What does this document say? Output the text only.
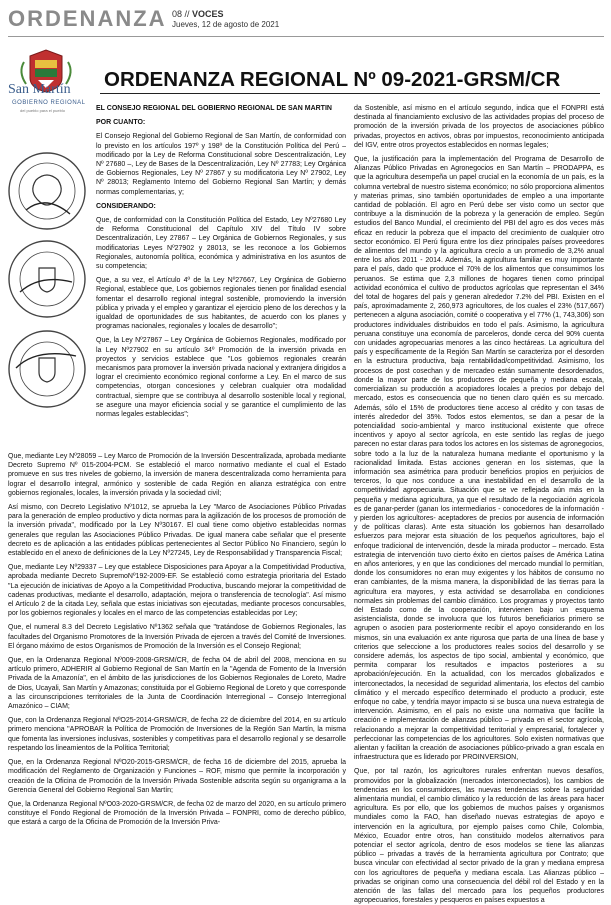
ORDENANZA 08 // VOCES
Jueves, 12 de agosto de 2021
San Martín
GOBIERNO REGIONAL
del pueblo para el pueblo
ORDENANZA REGIONAL Nº 09-2021-GRSM/CR

EL CONSEJO REGIONAL DEL GOBIERNO REGIONAL DE SAN MARTIN

POR CUANTO:

El Consejo Regional del Gobierno Regional de San Martín, de conformidad con lo previsto en los artículos 197º y 198º de la Constitución Política del Perú – modificado por la Ley de Reforma Constitucional sobre Descentralización, Ley Nº 27680 –, Ley de Bases de la Descentralización, Ley Nº 27783; Ley Orgánica de Gobiernos Regionales, Ley Nº 27867 y su modificatoria Ley Nº 27902, Ley Nº 28013; Reglamento Interno del Gobierno Regional San Martín; y demás normas complementarias, y;

CONSIDERANDO:

Que, de conformidad con la Constitución Política del Estado, Ley Nº27680 Ley de Reforma Constitucional del Capítulo XIV del Título IV sobre Descentralización, Ley 27867 – Ley Orgánica de Gobiernos Regionales, y sus modificatorias Leyes Nº27902 y 28013, se les reconoce a los Gobiernos Regionales, autonomía política, económica y administrativa en los asuntos de su competencia;

Que, a su vez, el Artículo 4º de la Ley Nº27667, Ley Orgánica de Gobierno Regional, establece que, Los gobiernos regionales tienen por finalidad esencial fomentar el desarrollo regional integral sostenible, promoviendo la inversión pública y privada y el empleo y garantizar el ejercicio pleno de los derechos y la igualdad de oportunidades de sus habitantes, de acuerdo con los planes y programas nacionales, regionales y locales de desarrollo";

Que, la Ley Nº27867 – Ley Orgánica de Gobiernos Regionales, modificado por la Ley Nº27902 en su artículo 34º Promoción de la inversión privada en proyectos y servicios establece que "Los gobiernos regionales crearán mecanismos para promover la inversión privada nacional y extranjera dirigidos a lograr el crecimiento económico regional conforme a Ley. En el marco de sus competencias, otorgan concesiones y celebran cualquier otra modalidad contractual, siempre que se contribuya al desarrollo sostenible local y regional, se asegure una mayor eficiencia social y se garantice el cumplimiento de las normas legales establecidas";

Que, mediante Ley Nº28059 – Ley Marco de Promoción de la Inversión Descentralizada, aprobada mediante Decreto Supremo Nº 015-2004-PCM. Se estableció el marco normativo mediante el cual el Estado promueve en sus tres niveles de gobierno, la inversión de manera descentralizada como herramienta para lograr el desarrollo integral, armónico y sostenible de cada Región en alianza estratégica con entre gobiernos regionales, locales, la inversión privada y la sociedad civil;

Así mismo, con Decreto Legislativo Nº1012, se aprueba la Ley "Marco de Asociaciones Público Privadas para la generación de empleo productivo y dicta normas para la agilización de los procesos de promoción de la inversión privada", modificado por la Ley Nº30167. El cual tiene como objetivo establecidas normas generales que regulan las Asociaciones Público Privadas. De igual manera cabe señalar que el presente decreto es de aplicación a las entidades públicas pertenecientes al Sector Público No Financiero, según lo establecido en el anexo de definiciones de la Ley Nº27245, Ley de Responsabilidad y Transparencia Fiscal;

Que, mediante Ley Nº29337 – Ley que establece Disposiciones para Apoyar a la Competitividad Productiva, aprobada mediante Decreto SupremoNº192-2009-EF. Se estableció como estrategia prioritaria del Estado "La ejecución de iniciativas de Apoyo a la Competitividad Productiva, buscando mejorar la competitividad de cadenas productivas, mediante el desarrollo, adaptación, mejora o transferencia de tecnología". Así mismo el Artículo 2 de la citada Ley, señala que estas iniciativas son ejecutadas, mediante procesos concursables, por los gobiernos regionales y locales en el marco de las competencias establecidas por Ley;

Que, el numeral 8.3 del Decreto Legislativo Nº1362 señala que "tratándose de Gobiernos Regionales, las facultades del Organismo Promotores de la Inversión Privada de ejercen a través del Comité de Inversiones. El órgano máximo de estos Organismos de Promoción de la Inversión es el Consejo Regional;

Que, en la Ordenanza Regional Nº009-2008-GRSM/CR, de fecha 04 de abril del 2008, menciona en su artículo primero, ADHERIR al Gobierno Regional de San Martín en la "Agenda de Fomento de la Inversión Privada de la Amazonía", en el ámbito de las jurisdicciones de los Gobiernos Regionales de Loreto, Madre de Dios, Ucayali, San Martín y Amazonas; constituida por el Gobierno Regional de Loreto y que corresponde a las circunscripciones territoriales de la Junta de Coordinación Interregional – Consejo Interregional Amazónico – CIAM;

Que, con la Ordenanza Regional NºO25-2014-GRSM/CR, de fecha 22 de diciembre del 2014, en su artículo primero menciona "APROBAR la Política de Promoción de Inversiones de la Región San Martín, la misma que fomenta las inversiones inclusivas, sostenibles y competitivas para el desarrollo regional y se desarrolle respetando los lineamientos de la Política Territorial;

Que, en la Ordenanza Regional NºO20-2015-GRSM/CR, de fecha 16 de diciembre del 2015, aprueba la modificación del Reglamento de Organización y Funciones – ROF, mismo que permite la incorporación y creación de la Oficina de Promoción de la Inversión Privada Sostenible adscrita según su organigrama a la Gerencia General del Gobierno Regional San Martín;

Que, la Ordenanza Regional NºO03-2020-GRSM/CR, de fecha 02 de marzo del 2020, en su artículo primero constituye el Fondo Regional de Promoción de la Inversión Privada – FONPRI, como de derecho público, que estará a cargo de la Oficina de Promoción de la Inversión Priva-

da Sostenible, así mismo en el artículo segundo, indica que el FONPRI está destinada al financiamiento exclusivo de las actividades propias del proceso de promoción de la inversión privada de los proyectos de asociaciones público privadas, proyectos en activos, obras por impuestos, reconocimiento anticipada del IGV, entre otros proyectos establecidos en normas legales;

Que, la justificación para la implementación del Programa de Desarrollo de Alianzas Público Privadas en Agronegocios en San Martín – PRODAPPA, es que la agricultura desempeña un papel crucial en la economía de un país, es la columna vertebral de nuestro sistema económico; no sólo proporciona alimentos y materias primas, sino también oportunidades de empleo a una importante cantidad de población. El agro en Perú debe ser visto como un sector que contribuye a la disminución de la pobreza y la generación de empleo. Según estudios del Banco Mundial, el crecimiento del PBI del agro es dos veces más eficaz en reducir la pobreza que el impacto del crecimiento de cualquier otro sector económico. El Perú figura entre los diez principales países proveedores de alimentos del mundo y la agricultura crecío a un promedio de 3,2% anual entre los años 2011 - 2014. Además, la agricultura familiar es muy importante para el país, dado que produce el 70% de los alimentos que consumimos los peruanos. Se estima que 2,3 millones de hogares tienen como principal actividad económica el cultivo de productos agrícolas que representan el 34% del total de hogares del país y generan alrededor 7.2% del PBI. Existen en el país, aproximadamente 2, 260,973 agricultores, de los cuales el 23% (517,667) pertenecen a alguna asociación, comité o cooperativa y el 77% (1, 743,306) son productores individuales distribuidos en todo el país. Asimismo, la agricultura peruana constituye una economía de parceleros, donde cerca del 90% cuenta con unidades agropecuarias menores a las cinco hectáreas. La agricultura del país y específicamente de la Región San Martín se caracteriza por el desorden en la estructura productiva, baja rentabilidad/competitividad. Asimismo, los procesos de post cosechan y de mercadeo están sumamente desordenados, donde la mayor parte de los productores de pequeña y mediana escala, comercializan su producción a acopiadores locales a precios por debajo del mercado, estos es consecuencia que no tienen claro quién es su mercado. Además, sólo el 15% de productores tiene acceso al crédito y con tasas de interés alrededor del 35%. Todos estos elementos, se dan a pesar de la potencialidad socio-ambiental y marco institucional existente que ofrece incentivos y apoyo al sector agrícola, en este sentido las reglas de juego parecen no estar claras para todos los actores en los sistemas de agronegocios, sobre todo a la luz de la naturaleza humana mediante el oportunismo y la racionalidad limitada. Estas acciones generan en los sistemas, que la información sea asimétrica para producir beneficios propios en perjuicios de terceros, lo que nos conduce a una inestabilidad en el desarrollo de la competitividad agropecuaria. Situación que se ve reflejada aún más en la pequeña y mediana agricultura, ya que el resultado de la negociación agrícola es de ganar-perder (ganan los intermediarios - conocedores de la información - y pierden los agricultores- aceptadores de precios por ausencia de información y de políticas claras). Ante esta situación los gobiernos han desarrollado esfuerzos para mejorar esta situación de los pequeños agricultores, bajo el enfoque tradicional de intervención, desde la mirada productor – mercado. Esta estrategia de intervención tuvo cierto éxito en ciertos países de América Latina en años anteriores, y en que las condiciones del mercado mundial lo permitían, donde los consumidores no eran muy exigentes y los hábitos de consumo no eran cambiantes, de la misma manera, la disponibilidad de las tierras para la agricultura era mayores, y esta actividad se desarrollaba en condiciones normales sin problemas del cambio climático. Los programas y proyectos tanto del Estado como de la cooperación, intervienen bajo un esquema asistencialista, donde se involucra que los futuros beneficiarios primero se agrupen o asocien para posteriormente recibir el apoyo considerando en los mismos, sin una evaluación ex ante rigurosa que parta de una línea de base y criterios que seleccione a los productores reales socios del desarrollo y se considere además, los aspectos de tipo social, ambiental y económico, que permita comparar los resultados e impactos posteriores a su aprobación/ejecución. En la actualidad, con los mercados globalizados e interconectados, la necesidad de seguridad alimentaria, los efectos del cambio climático y el mercado específico determinado el producto a producir, este enfoque no cabe, y tendría mayor impacto si se busca una nueva estrategia de intervención. Asimismo, en el país no existe una normativa que facilite la creación e implementación de alianzas público – privada en el sector agrícola, relacionando a mejorar la competitividad territorial y empresarial, fortalecer y perfeccionar las competencias de los agricultores. Solo existen normativas que alientan y facilitan la creación de asociaciones público-privado a gran escala en infraestructura que es liderado por PROINVERSION,

Que, por tal razón, los agricultores rurales enfrentan nuevos desafíos, promovidos por la globalización (mercados interconectados), los cambios de tendencias en los consumidores, las nuevas tendencias sobre la seguridad alimentaria mundial, el cambio climático y la reducción de las áreas para hacer agricultura. Es por ello, que los gobiernos de muchos países y organismos mundiales como la FAO, han diseñado nuevas estrategias de apoyo e intervención en la agricultura, por ejemplo países como Chile, Colombia, México, Ecuador entre otros, han constituido modelos alternativos para potenciar el sector agrícola, dentro de esos modelos se tiene las alianzas público – privadas a través de la herramienta agricultura por Contrato; que busca vincular con efectividad al sector privado de la gran y mediana empresa con los agricultores de pequeña y mediana escala. Las Alianzas público – privadas se originan como una consecuencia del débil rol del Estado y en la atención de las fallas del mercado para los pequeños productores agropecuarios, forestales y pesqueros en países expuestos a
